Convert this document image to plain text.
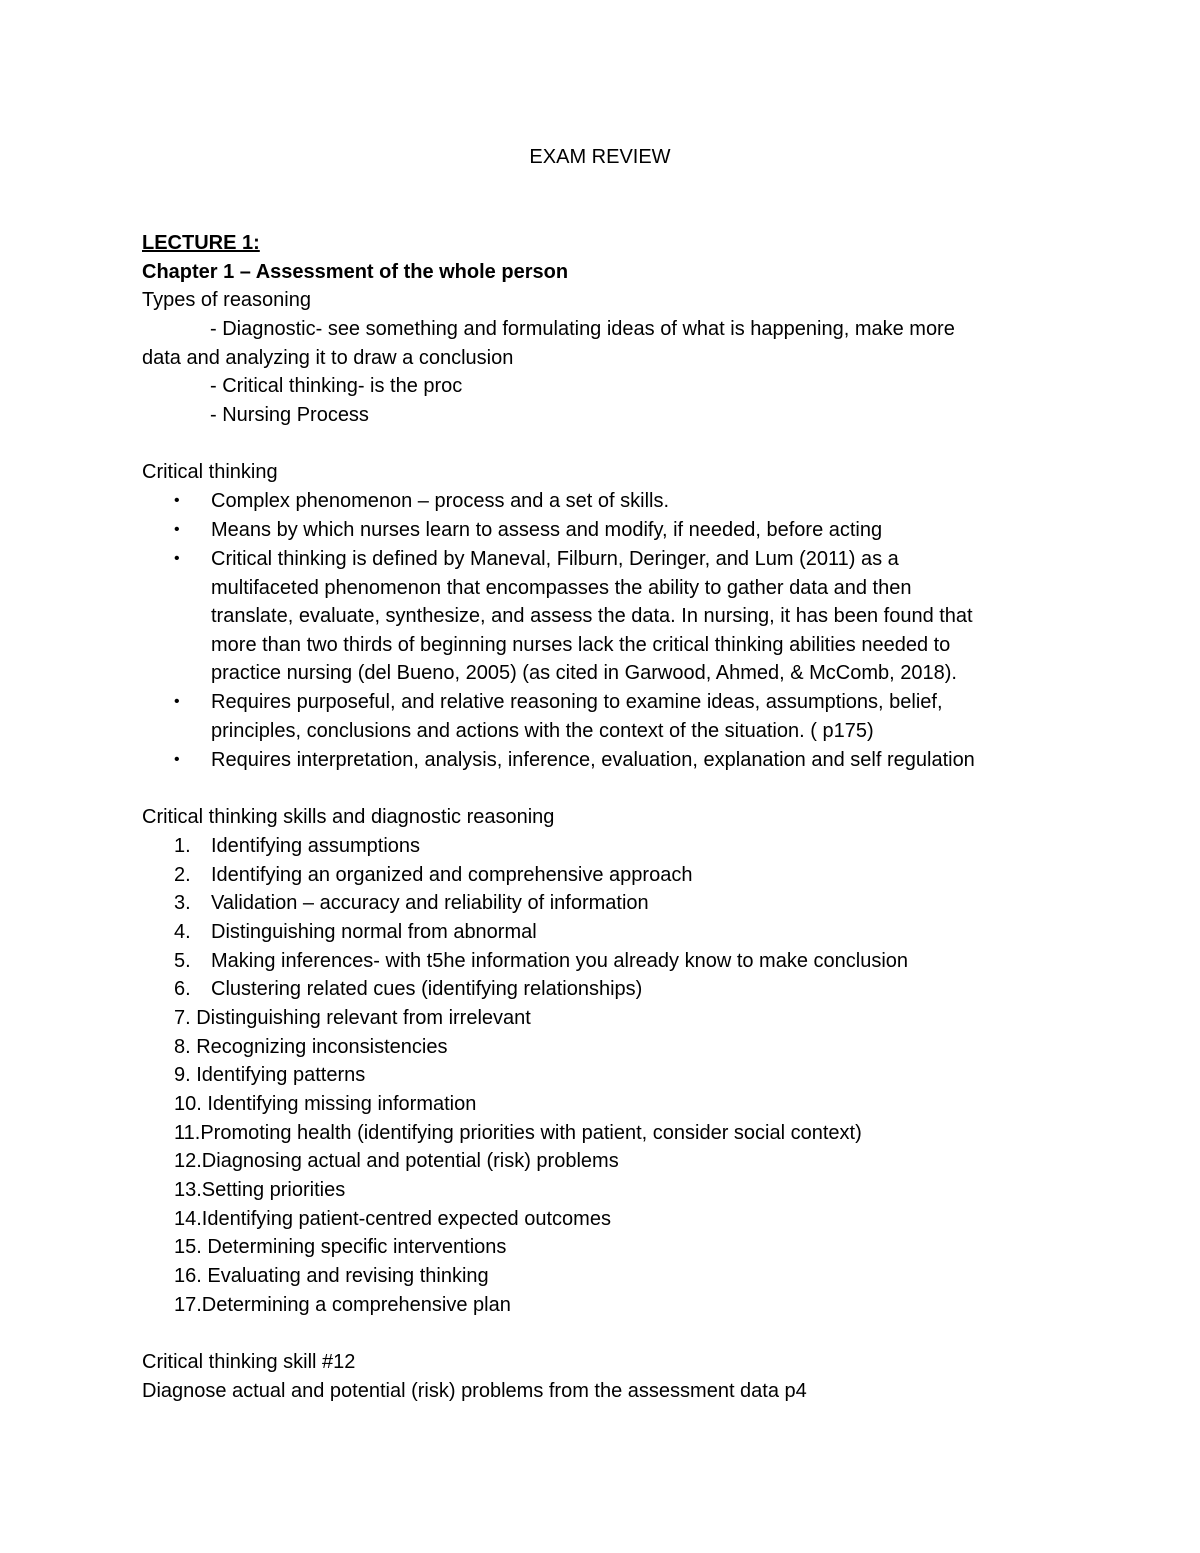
EXAM REVIEW
LECTURE 1:
Chapter 1 – Assessment of the whole person
Types of reasoning
- Diagnostic- see something and formulating ideas of what is happening, make more
data and analyzing it to draw a conclusion
- Critical thinking- is the proc
- Nursing Process
Critical thinking
• Complex phenomenon – process and a set of skills.
• Means by which nurses learn to assess and modify, if needed, before acting
• Critical thinking is defined by Maneval, Filburn, Deringer, and Lum (2011) as a
multifaceted phenomenon that encompasses the ability to gather data and then
translate, evaluate, synthesize, and assess the data. In nursing, it has been found that
more than two thirds of beginning nurses lack the critical thinking abilities needed to
practice nursing (del Bueno, 2005) (as cited in Garwood, Ahmed, & McComb, 2018).
• Requires purposeful, and relative reasoning to examine ideas, assumptions, belief,
principles, conclusions and actions with the context of the situation. ( p175)
• Requires interpretation, analysis, inference, evaluation, explanation and self regulation
Critical thinking skills and diagnostic reasoning
1.	Identifying assumptions
2.	Identifying an organized and comprehensive approach
3.	Validation – accuracy and reliability of information
4.	Distinguishing normal from abnormal
5.	Making inferences- with t5he information you already know to make conclusion
6.	Clustering related cues (identifying relationships)
7. Distinguishing relevant from irrelevant
8. Recognizing inconsistencies
9. Identifying patterns
10. Identifying missing information
11.Promoting health (identifying priorities with patient, consider social context)
12.Diagnosing actual and potential (risk) problems
13.Setting priorities
14.Identifying patient-centred expected outcomes
15. Determining specific interventions
16. Evaluating and revising thinking
17.Determining a comprehensive plan
Critical thinking skill #12
Diagnose actual and potential (risk) problems from the assessment data p4
